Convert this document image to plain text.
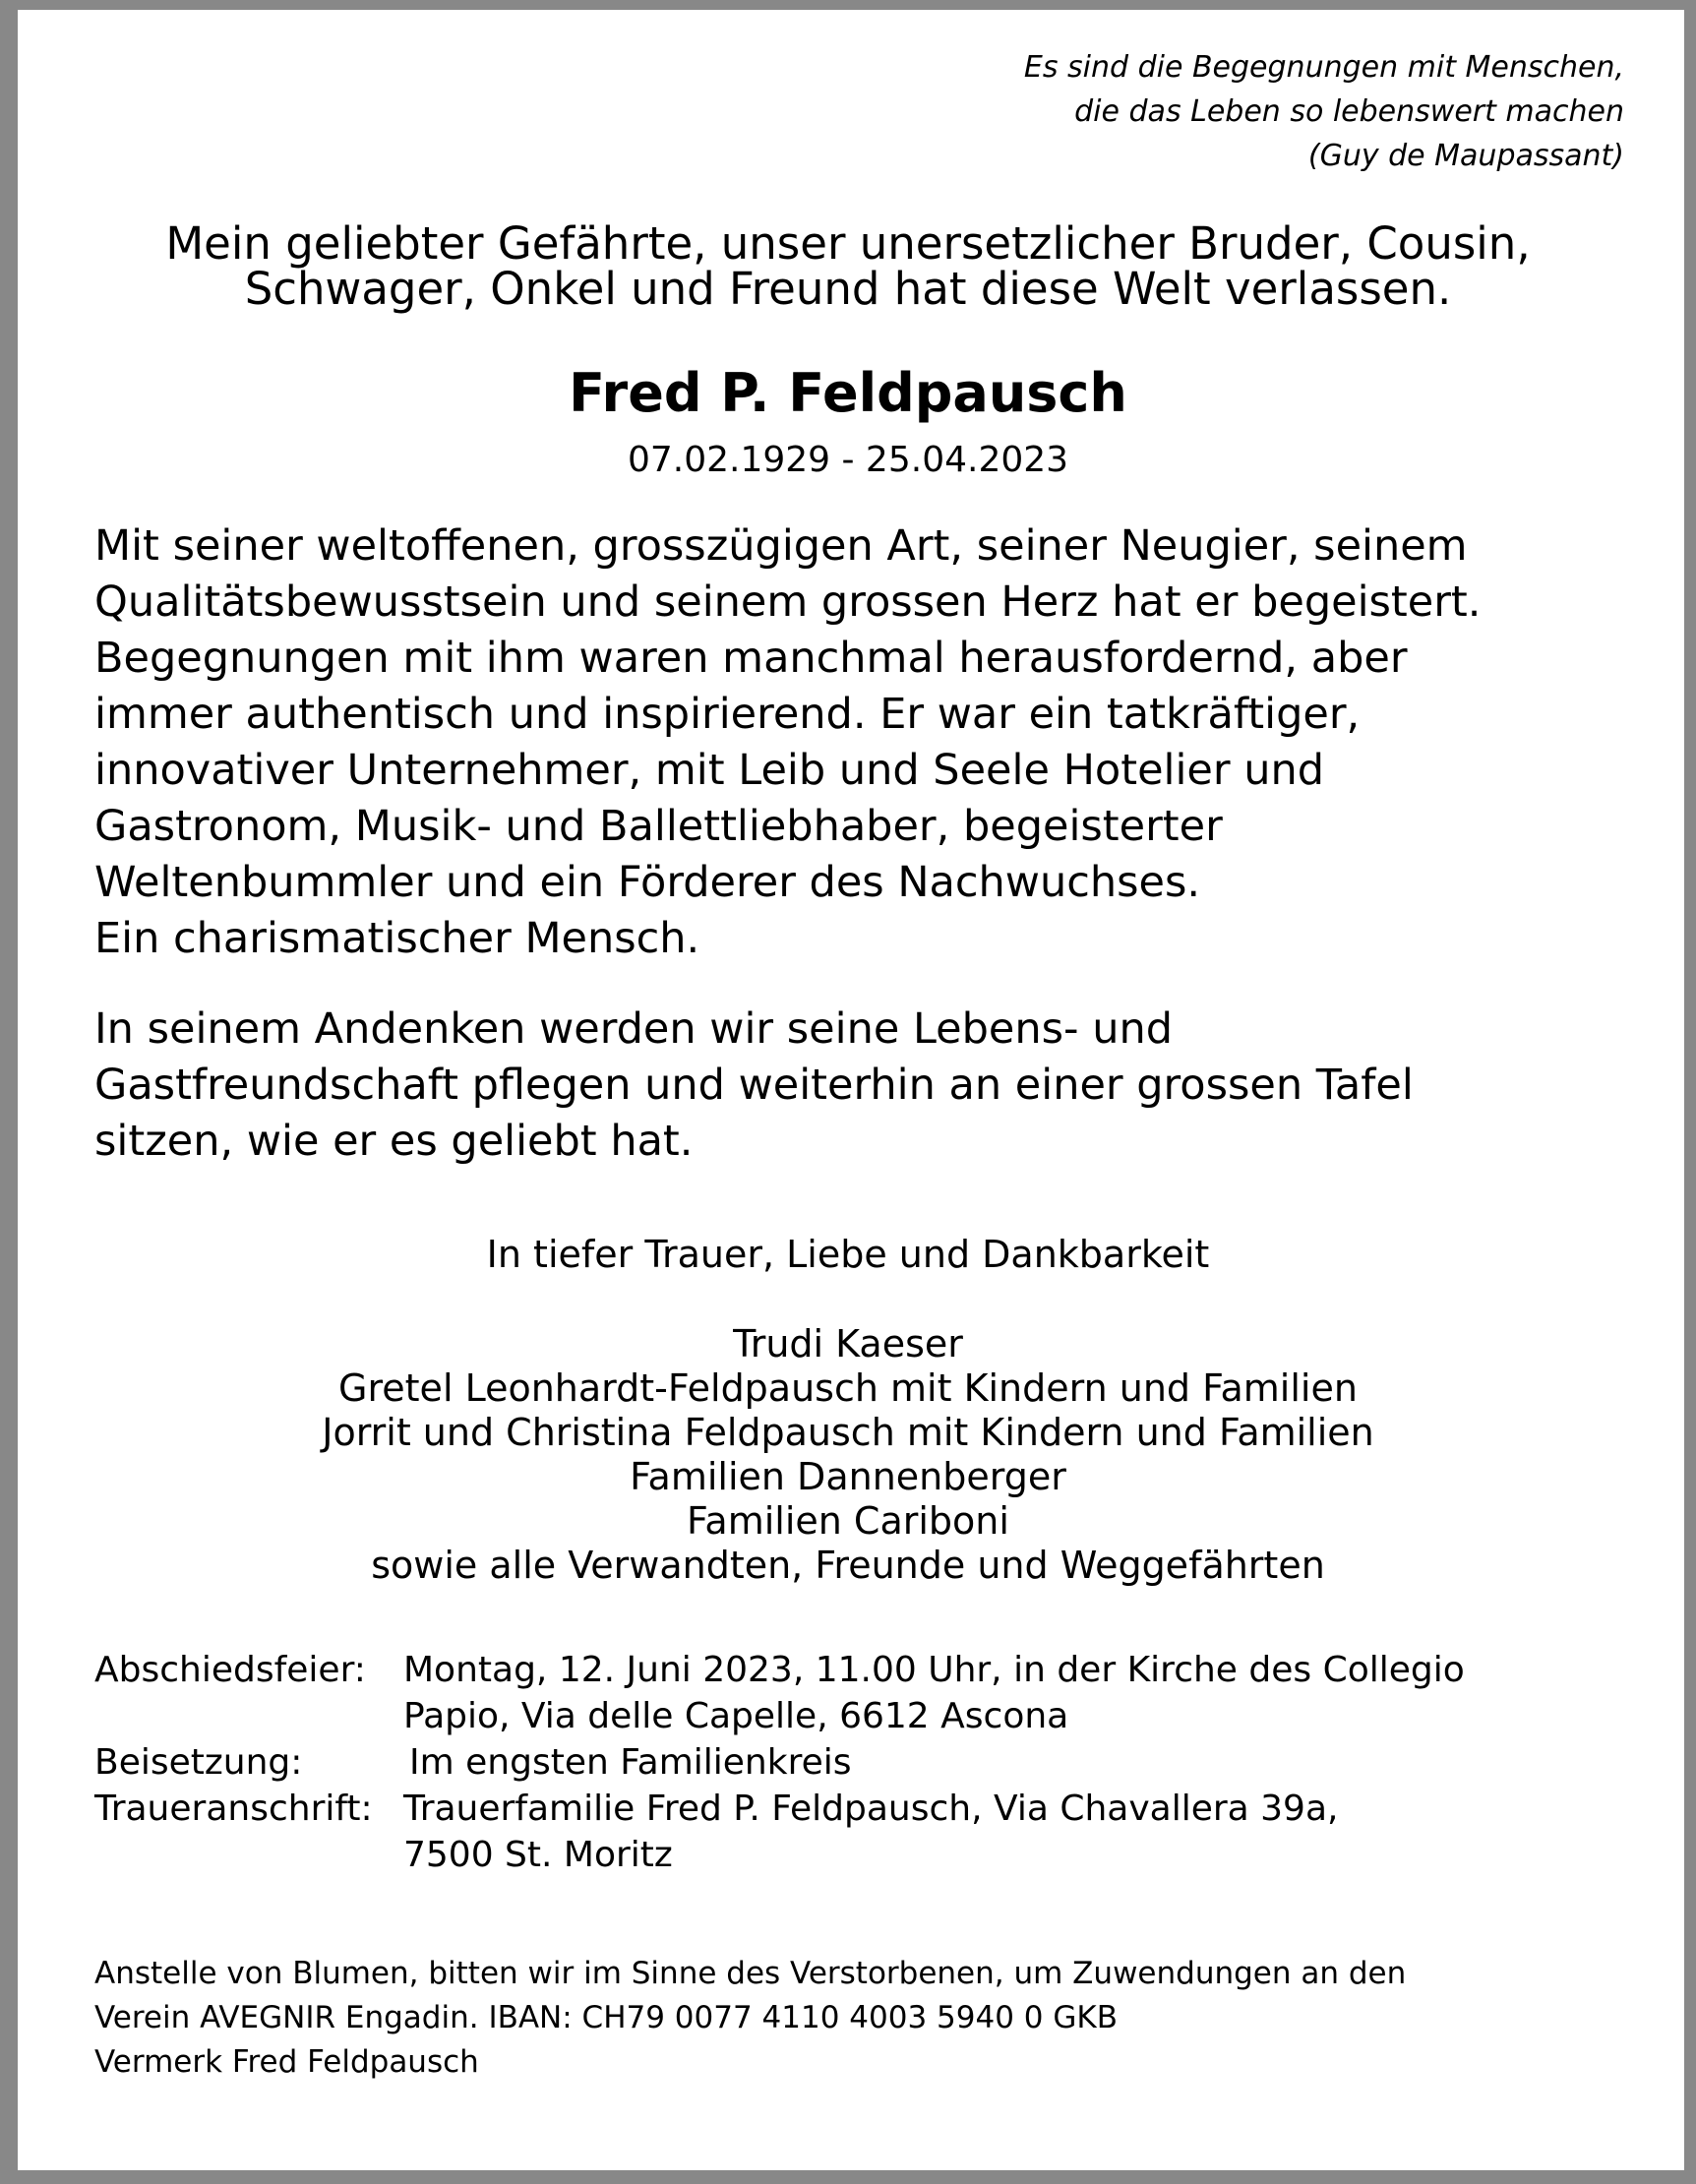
Es sind die Begegnungen mit Menschen,
die das Leben so lebenswert machen
(Guy de Maupassant)
Mein geliebter Gefährte, unser unersetzlicher Bruder, Cousin,
Schwager, Onkel und Freund hat diese Welt verlassen.
Fred P. Feldpausch
07.02.1929 - 25.04.2023
Mit seiner weltoffenen, grosszügigen Art, seiner Neugier, seinem
Qualitätsbewusstsein und seinem grossen Herz hat er begeistert.
Begegnungen mit ihm waren manchmal herausfordernd, aber
immer authentisch und inspirierend. Er war ein tatkräftiger,
innovativer Unternehmer, mit Leib und Seele Hotelier und
Gastronom, Musik- und Ballettliebhaber, begeisterter
Weltenbummler und ein Förderer des Nachwuchses.
Ein charismatischer Mensch.
In seinem Andenken werden wir seine Lebens- und
Gastfreundschaft pflegen und weiterhin an einer grossen Tafel
sitzen, wie er es geliebt hat.
In tiefer Trauer, Liebe und Dankbarkeit
Trudi Kaeser
Gretel Leonhardt-Feldpausch mit Kindern und Familien
Jorrit und Christina Feldpausch mit Kindern und Familien
Familien Dannenberger
Familien Cariboni
sowie alle Verwandten, Freunde und Weggefährten
Abschiedsfeier:	Montag, 12. Juni 2023, 11.00 Uhr, in der Kirche des Collegio
Papio, Via delle Capelle, 6612 Ascona
Beisetzung:	Im engsten Familienkreis
Traueranschrift: Trauerfamilie Fred P. Feldpausch, Via Chavallera 39a,
7500 St. Moritz
Anstelle von Blumen, bitten wir im Sinne des Verstorbenen, um Zuwendungen an den
Verein AVEGNIR Engadin. IBAN: CH79 0077 4110 4003 5940 0 GKB
Vermerk Fred Feldpausch
